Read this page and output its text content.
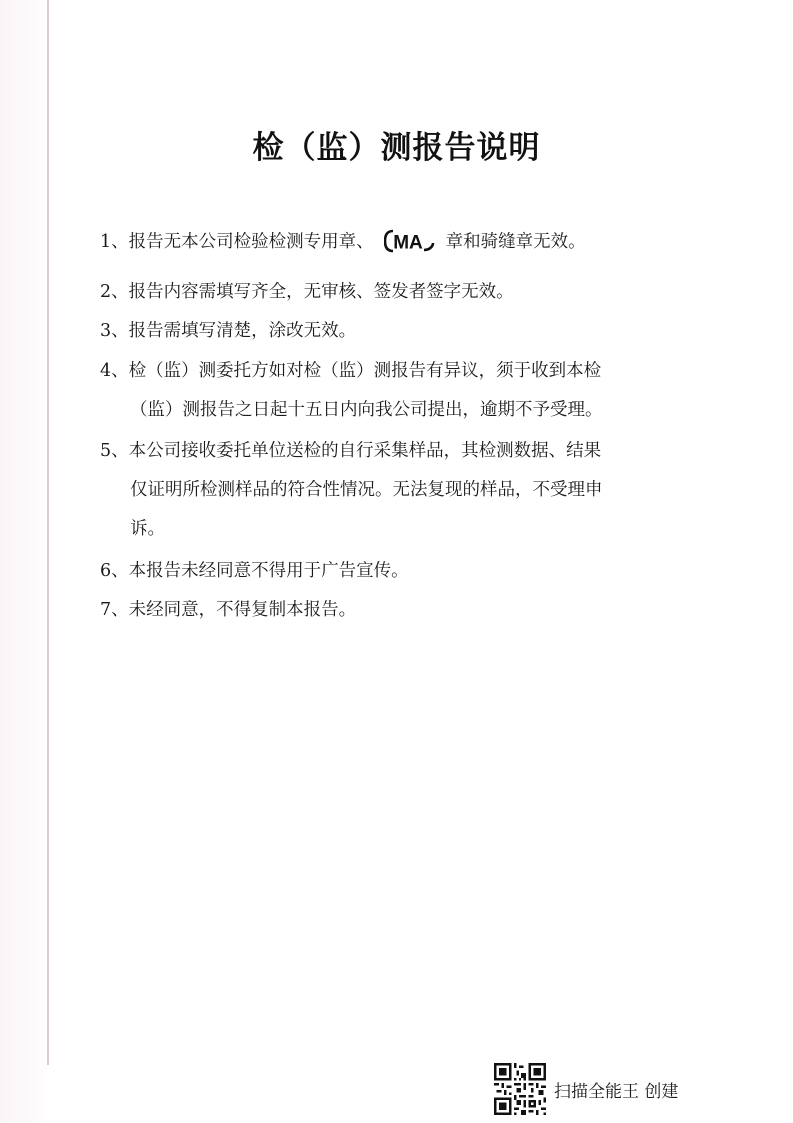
检（监）测报告说明
1、报告无本公司检验检测专用章、 MA 章和骑缝章无效。
2、报告内容需填写齐全，无审核、签发者签字无效。
3、报告需填写清楚，涂改无效。
4、检（监）测委托方如对检（监）测报告有异议，须于收到本检
（监）测报告之日起十五日内向我公司提出，逾期不予受理。
5、本公司接收委托单位送检的自行采集样品，其检测数据、结果
仅证明所检测样品的符合性情况。无法复现的样品，不受理申
诉。
6、本报告未经同意不得用于广告宣传。
7、未经同意，不得复制本报告。
扫描全能王 创建
